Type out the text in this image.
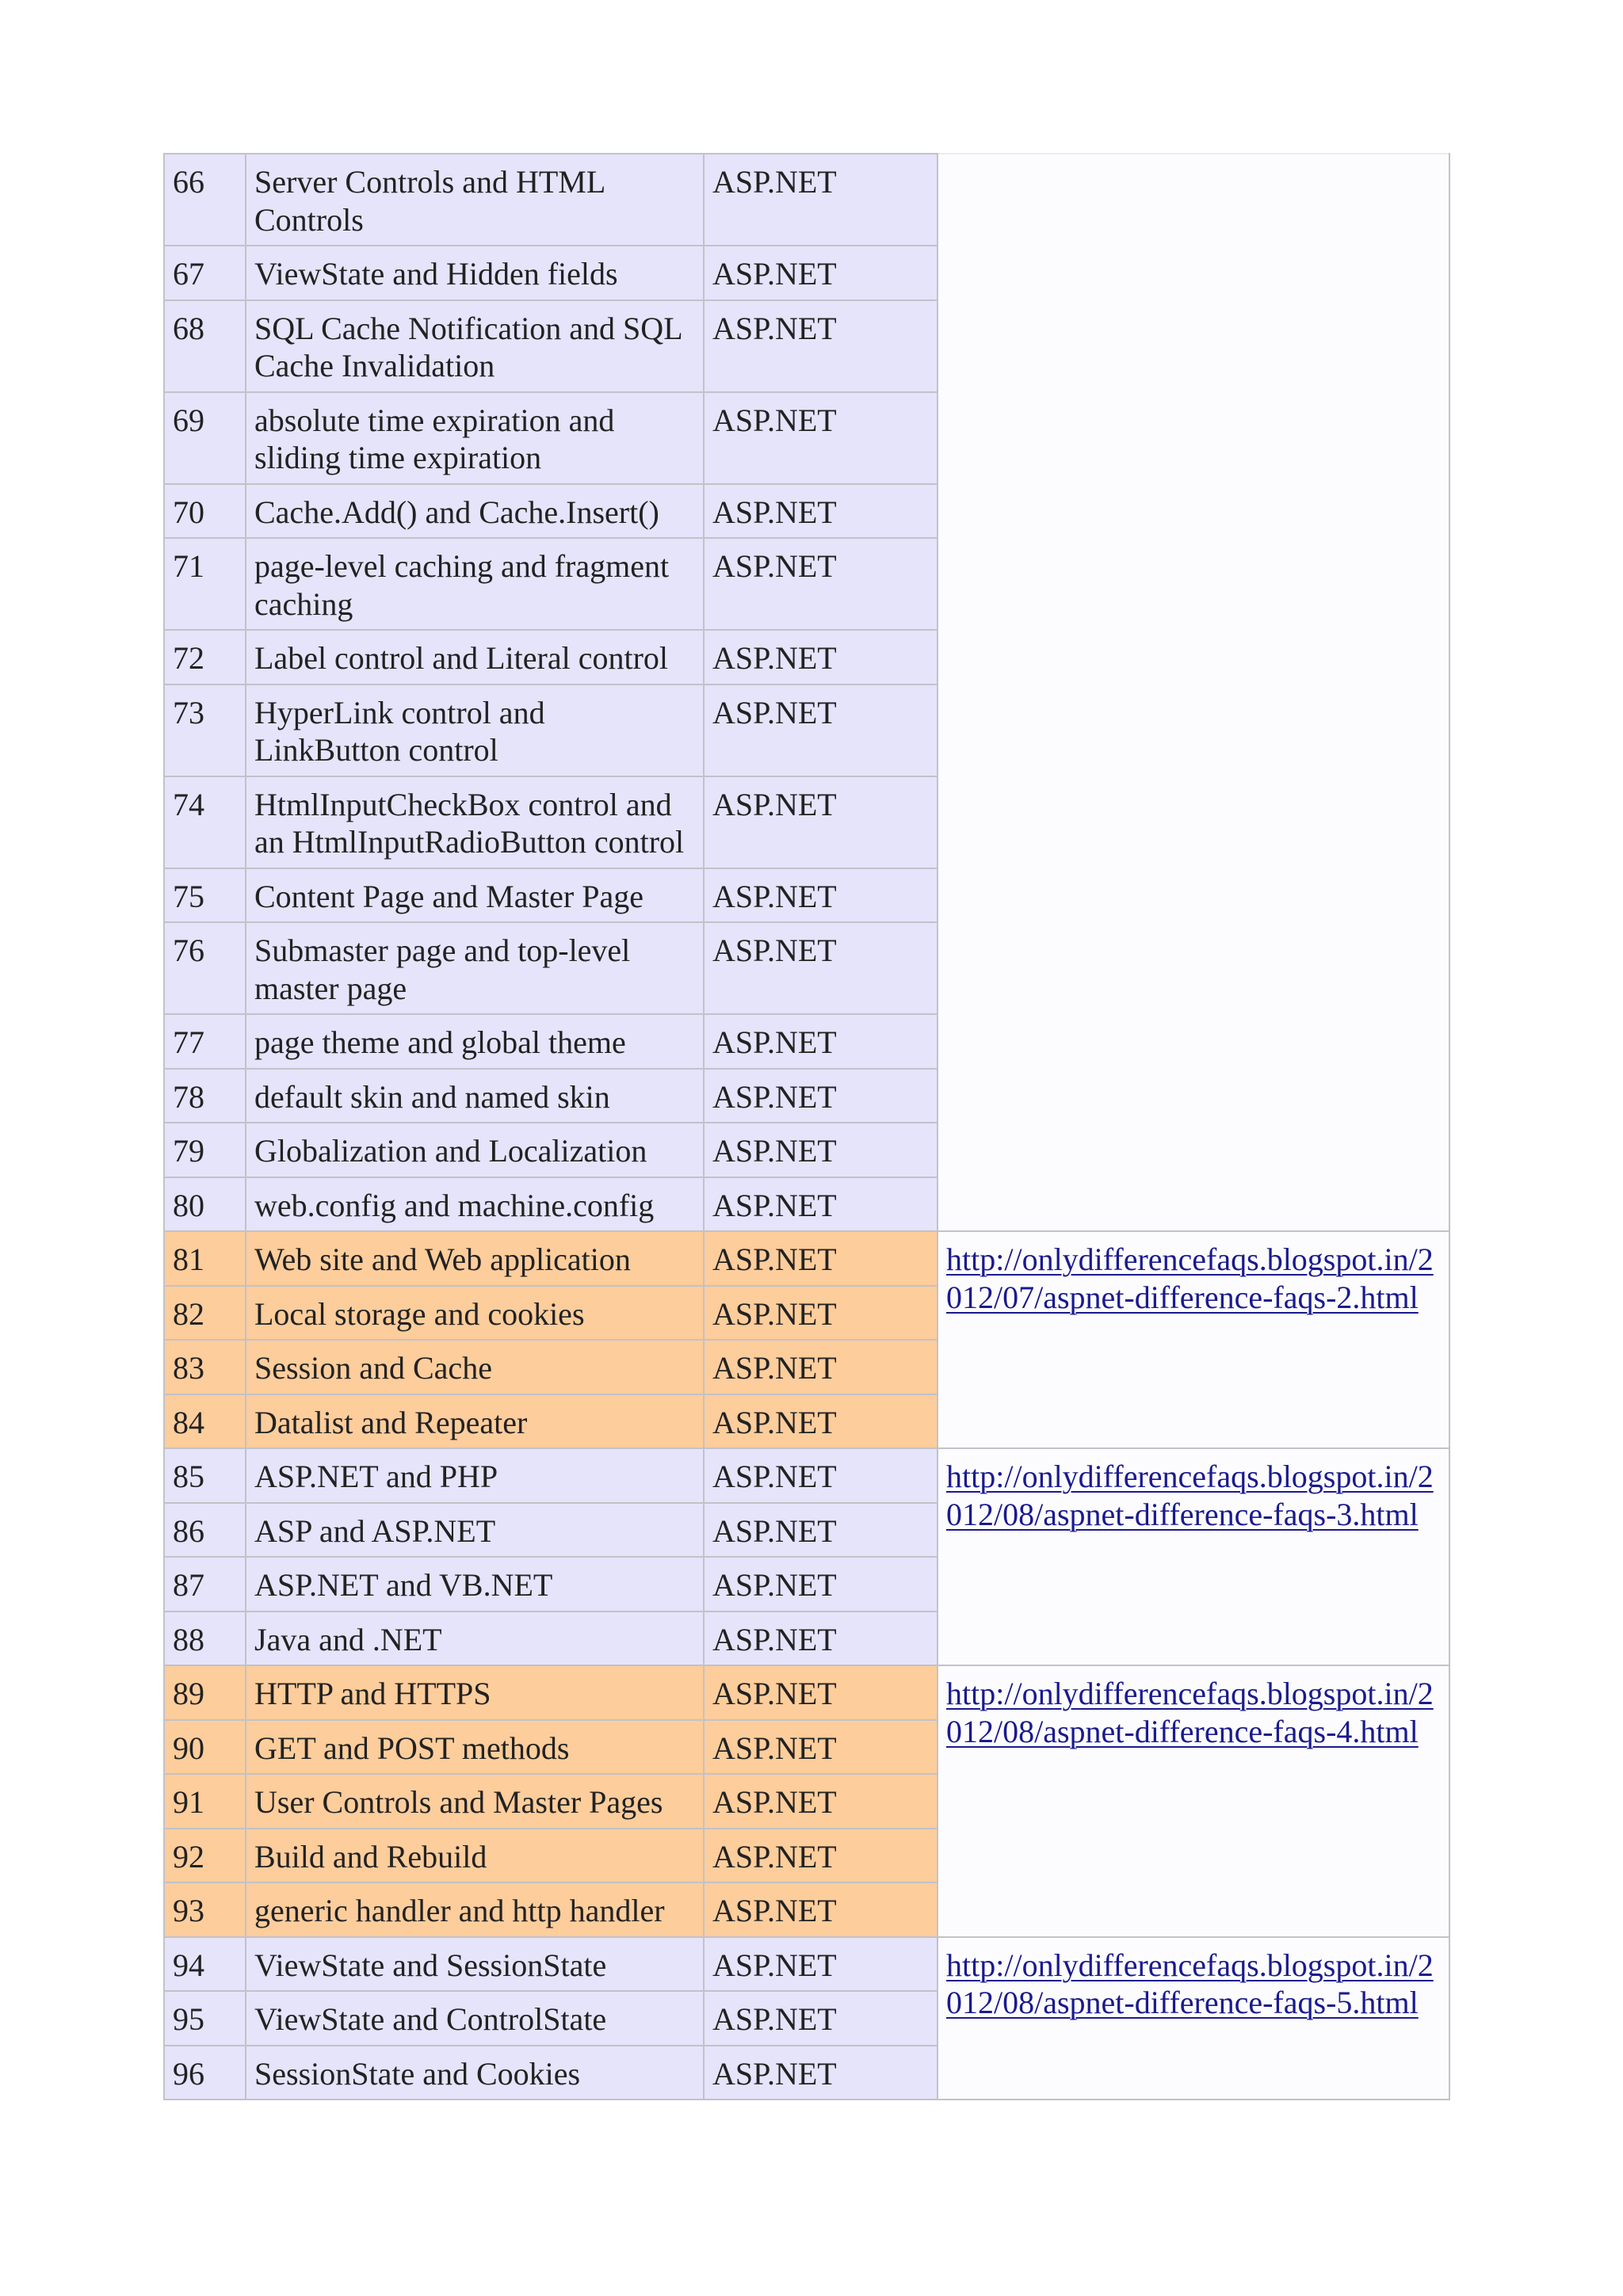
66	Server Controls and HTML Controls	ASP.NET	
67	ViewState and Hidden fields	ASP.NET	
68	SQL Cache Notification and SQL Cache Invalidation	ASP.NET	
69	absolute time expiration and sliding time expiration	ASP.NET	
70	Cache.Add() and Cache.Insert()	ASP.NET	
71	page-level caching and fragment caching	ASP.NET	
72	Label control and Literal control	ASP.NET	
73	HyperLink control and LinkButton control	ASP.NET	
74	HtmlInputCheckBox control and an HtmlInputRadioButton control	ASP.NET	
75	Content Page and Master Page	ASP.NET	
76	Submaster page and top-level master page	ASP.NET	
77	page theme and global theme	ASP.NET	
78	default skin and named skin	ASP.NET	
79	Globalization and Localization	ASP.NET	
80	web.config and machine.config	ASP.NET	
81	Web site and Web application	ASP.NET	http://onlydifferencefaqs.blogspot.in/2012/07/aspnet-difference-faqs-2.html
82	Local storage and cookies	ASP.NET	
83	Session and Cache	ASP.NET	
84	Datalist and Repeater	ASP.NET	
85	ASP.NET and PHP	ASP.NET	http://onlydifferencefaqs.blogspot.in/2012/08/aspnet-difference-faqs-3.html
86	ASP and ASP.NET	ASP.NET	
87	ASP.NET and VB.NET	ASP.NET	
88	Java and .NET	ASP.NET	
89	HTTP and HTTPS	ASP.NET	http://onlydifferencefaqs.blogspot.in/2012/08/aspnet-difference-faqs-4.html
90	GET and POST methods	ASP.NET	
91	User Controls and Master Pages	ASP.NET	
92	Build and Rebuild	ASP.NET	
93	generic handler and http handler	ASP.NET	
94	ViewState and SessionState	ASP.NET	http://onlydifferencefaqs.blogspot.in/2012/08/aspnet-difference-faqs-5.html
95	ViewState and ControlState	ASP.NET	
96	SessionState and Cookies	ASP.NET	
